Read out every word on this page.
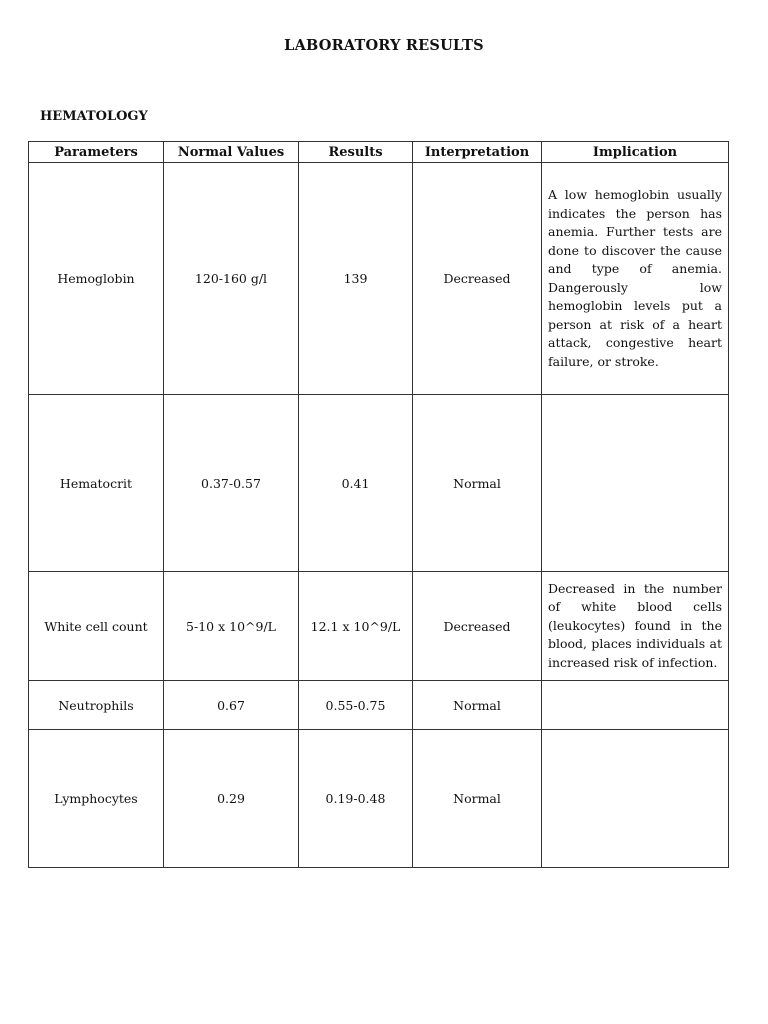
LABORATORY RESULTS
HEMATOLOGY
Parameters	Normal Values	Results	Interpretation	Implication
Hemoglobin	120-160 g/l	139	Decreased	A low hemoglobin usually indicates the person has anemia. Further tests are done to discover the cause and type of anemia. Dangerously low hemoglobin levels put a person at risk of a heart attack, congestive heart failure, or stroke.

Hematocrit	0.37-0.57	0.41	Normal	

White cell count	5-10 x 10^9/L	12.1 x 10^9/L	Decreased	Decreased in the number of white blood cells (leukocytes) found in the blood, places individuals at increased risk of infection.

Neutrophils	0.67	0.55-0.75	Normal	

Lymphocytes	0.29	0.19-0.48	Normal	
